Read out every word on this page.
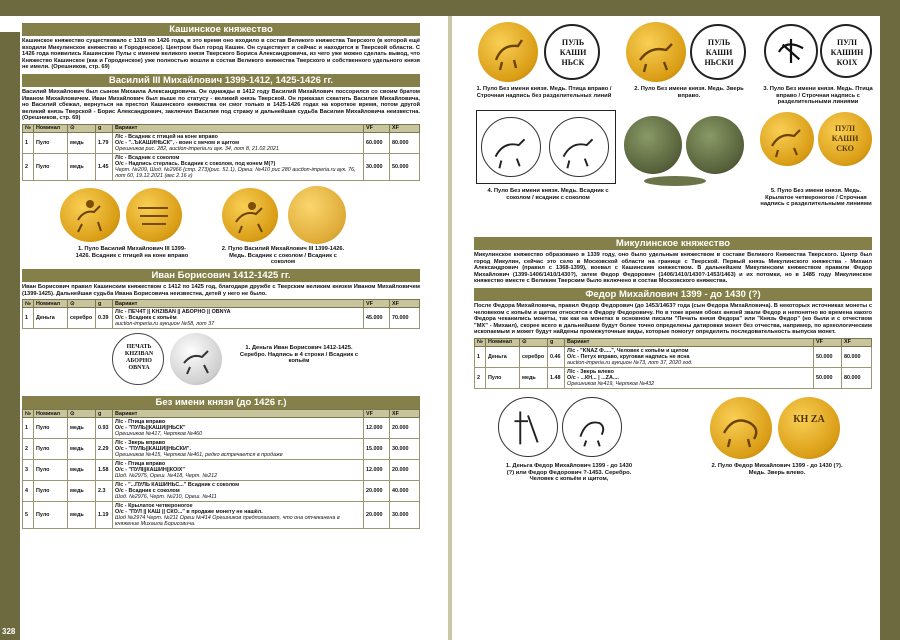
Кашинское княжество

Кашинское княжество существовало с 1319 по 1426 года, в это время оно входило в состав Великого княжества Тверского (в которой ещё входили Микулинское княжество и Городенское). Центром был город Кашин. Он существует и сейчас и находится в Тверской области. С 1426 года появились Кашинские Пулы с именем великого князя Тверского Бориса Александровича, из чего уже можно сделать вывод, что Княжество Кашинское (как и Городенское) уже полностью вошли в состав Великого княжества Тверского и собственного удельного князя не имели. (Орешников, стр. 69)

Василий III Михайлович 1399-1412, 1425-1426 гг.

Василий Михайлович был сыном Михаила Александровича. Он однажды в 1412 году Василий Михайлович поссорился со своим братом Иваном Михайловичем. Иван Михайлович был выше по статусу - великий князь Тверской. Он приказал схватить Василия Михайловича, но Василий сбежал, вернуться на престол Кашинского княжества он смог только в 1425-1426 годах на короткое время, потом другой великий князь Тверской - Борис Александрович, заключил Василия под стражу и дальнейшая судьба Василия Михайловича неизвестна. (Орешников, стр. 69)

№	Номинал	⊙	g	Вариант	VF	XF
1	Пуло	медь	1.79	Л/с - Всадник с птицей на коне вправо
О/с - "..ЪКАШИНЬСК", - воин с мечом и щитом
Орешников рис. 282, auction-imperia.ru аук. 34, лот 8, 21.02.2021	60.000	80.000
2	Пуло	медь	1.45	Л/с - Всадник с соколом
О/с - Надпись стерлась. Всадник с соколом, под конем М(?)
Черт. №209, Шод. №2966 (стр. 273)(рис. 51.1), Ореш. №410 рис 280 auction-imperia.ru аук. 76, лот 60, 19.12.2021 (вес 2.16 г)	30.000	50.000
1. Пуло Василий Михайлович III 1399-1426. Всадник с птицей на коне вправо
2. Пуло Василий Михайлович III 1399-1426. Медь. Всадник с соколом / Всадник с соколом
Иван Борисович 1412-1425 гг.

Иван Борисович правил Кашинским княжеством с 1412 по 1425 год, благодаря дружбе с Тверским великим князем Иваном Михайловичем (1399-1425). Дальнейшая судьба Ивана Борисовича неизвестна, детей у него не было.

№	Номинал	⊙	g	Вариант	VF	XF
1	Деньга	серебро	0.39	Л/с - ПЕЧ4Т || KHZIBAN || АБОРНО || OBNYA
О/с - Всадник с копьём
auction-imperia.ru аукцион №58, лот 37	45.000	70.000
ПЕЧАТЬ KHZIBAN АБОРНО OBNYA
1. Деньга Иван Борисович 1412-1425. Серебро. Надпись в 4 строки / Всадник с копьём
Без имени князя (до 1426 г.)
№	Номинал	⊙	g	Вариант	VF	XF
1	Пуло	медь	0.93	Л/с - Птица вправо
О/с - "ПУЛЬ||КАШИ||НЬСК"
Орешников №417, Чертков №460	12.000	20.000
2	Пуло	медь	2.29	Л/с - Зверь вправо
О/с - "ПУЛЬ||КАШИ||НЬСКИ".
Орешников №415, Чертков №461, редко встречается в продаже	15.000	30.000
3	Пуло	медь	1.58	Л/с - Птица вправо
О/с - "ПУЛІ||КАШИН||КОІХ"
Шод. №2975, Ореш. №418, Черт. №212	12.000	20.000
4	Пуло	медь	2.3	Л/с - "...ПУЛЬ КАШИНЬС..." Всадник с соколом
О/с - Всадник с соколом
Шод. №2976, Черт. №210, Ореш. №411	20.000	40.000
5	Пуло	медь	1.19	Л/с - Крылатое четвероногое
О/с - "ПУЛ || КАШ || СКО..." в продаже монету не нашёл.
Шод №2974 Черт. №211 Ореш №414 Орешников предполагает, что она отчеканена в княжение Михаила Борисовича.	20.000	30.000
328
ПУЛЬ КАШИ НЬСК
ПУЛЬ КАШИ НЬСКИ
ПУЛІ КАШИН КОІХ
1. Пуло Без имени князя. Медь. Птица вправо / Строчная надпись без разделительных линий
2. Пуло Без имени князя. Медь. Зверь вправо.
3. Пуло Без имени князя. Медь. Птица вправо / Строчная надпись с разделительными линиями
ПУЛІ КАШИ СКО
4. Пуло Без имени князя. Медь. Всадник с соколом / всадник с соколом
5. Пуло Без имени князя. Медь. Крылатое четвероногое / Строчная надпись с разделительными линиями
Микулинское княжество

Микулинское княжество образовано в 1339 году, оно было удельным княжеством в составе Великого Княжества Тверского. Центр был город Микулин, сейчас это село в Московской области на границе с Тверской. Первый князь Микулинского княжества - Михаил Александрович (правил с 1368-1399), воевал с Кашинским княжеством. В дальнейшем Микулинским княжеством правили Федор Михайлович (1399-1406/1410/1430?), затем Федор Федорович (1406/1410/1430?-1453/1463) и их потомки, но в 1485 году Микулинское княжество вместе с Великим Тверским было включено в состав Московского княжества.

Федор Михайлович 1399 - до 1430 (?)

После Федора Михайловича, правил Федор Федорович (до 1453/1463? года (сын Федора Михайловича). В некоторых источниках монеты с человеком с копьём и щитом относятся к Федору Федоровичу. Но в тоже время обоих князей звали Федор и непонятно во времена какого Федора чеканились монеты, так как на монетах в основном писали "Печать князя Федора" или "Князь Федор" (но были и с отчеством "МХ" - Михаил), скорее всего в дальнейшем будут более точно определены датировки монет без отчества, например, по археологическим ископаемым и может будут найдены промежуточные виды, которые помогут определить последовательность выпуска монет.

№	Номинал	⊙	g	Вариант	VF	XF
1	Деньга	серебро	0.46	Л/с - "KNAZ Ф.....", Человек с копьём и щитом
О/с - Петух вправо, круговая надпись не ясна
auction-imperia.ru аукцион №73, лот 37, 2020 год.	50.000	80.000
2	Пуло	медь	1.48	Л/с - Зверь влево
О/с - ...КН... | ...ZA....
Орешников №419, Чертков №432	50.000	80.000
КН ZA
1. Деньга Федор Михайлович 1399 - до 1430 (?) или Федор Федорович ?-1453. Серебро. Человек с копьём и щитом,
2. Пуло Федор Михайлович 1399 - до 1430 (?). Медь. Зверь влево.
329
